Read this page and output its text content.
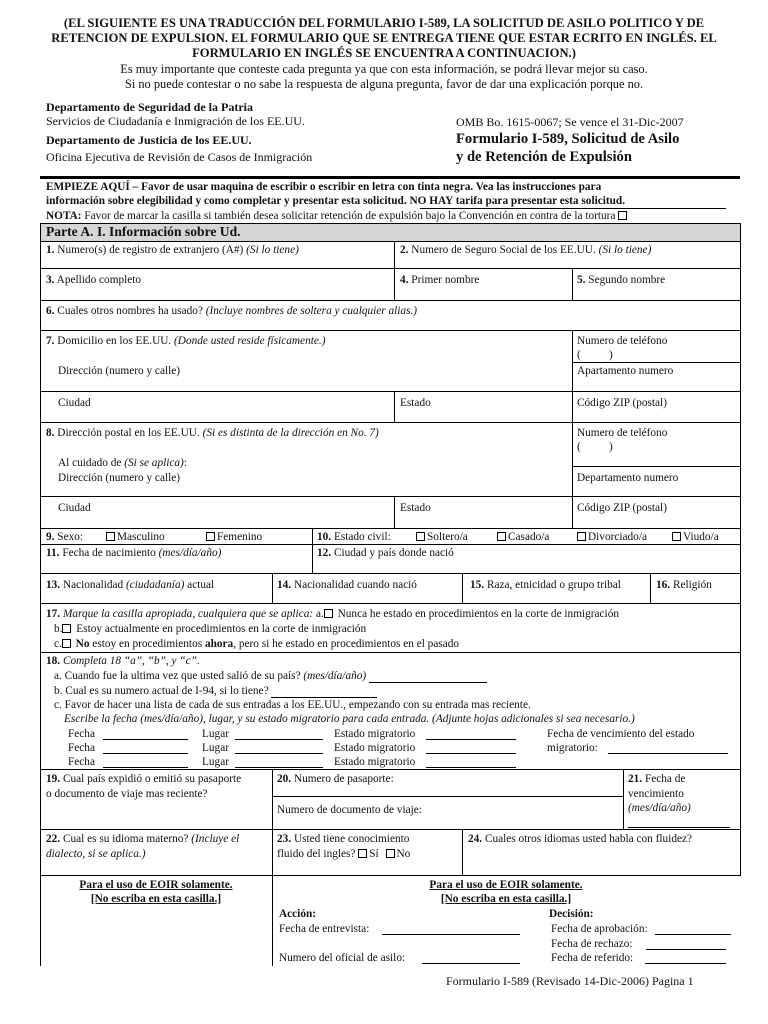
(EL SIGUIENTE ES UNA TRADUCCIÓN DEL FORMULARIO I-589, LA SOLICITUD DE ASILO POLITICO Y DE
RETENCION DE EXPULSION. EL FORMULARIO QUE SE ENTREGA TIENE QUE ESTAR ECRITO EN INGLÉS. EL
FORMULARIO EN INGLÉS SE ENCUENTRA A CONTINUACION.)
Es muy importante que conteste cada pregunta ya que con esta información, se podrá llevar mejor su caso.
Si no puede contestar o no sabe la respuesta de alguna pregunta, favor de dar una explicación porque no.
Departamento de Seguridad de la Patria
Servicios de Ciudadanía e Inmigración de los EE.UU.
Departamento de Justicia de los EE.UU.
Oficina Ejecutiva de Revisión de Casos de Inmigración
OMB Bo. 1615-0067; Se vence el 31-Dic-2007
Formulario I-589, Solicitud de Asilo
y de Retención de Expulsión
EMPIEZE AQUÍ – Favor de usar maquina de escribir o escribir en letra con tinta negra. Vea las instrucciones para
información sobre elegibilidad y como completar y presentar esta solicitud. NO HAY tarifa para presentar esta solicitud.
NOTA: Favor de marcar la casilla si también desea solicitar retención de expulsión bajo la Convención en contra de la tortura
Parte A. I. Información sobre Ud.
1. Numero(s) de registro de extranjero (A#) (Si lo tiene)	2. Numero de Seguro Social de los EE.UU. (Si lo tiene)
3. Apellido completo	4. Primer nombre	5. Segundo nombre
6. Cuales otros nombres ha usado? (Incluye nombres de soltera y cualquier alias.)
7. Domicilio en los EE.UU. (Donde usted reside físicamente.)	Numero de teléfono
(          )
Dirección (numero y calle)	Apartamento numero
Ciudad	Estado	Código ZIP (postal)
8. Dirección postal en los EE.UU. (Si es distinta de la dirección en No. 7)	Numero de teléfono
(          )
Al cuidado de (Si se aplica):
Dirección (numero y calle)	Departamento numero
Ciudad	Estado	Código ZIP (postal)
9. Sexo:	Masculino	Femenino	10. Estado civil:	Soltero/a	Casado/a	Divorciado/a	Viudo/a
11. Fecha de nacimiento (mes/día/año)	12. Ciudad y país donde nació
13. Nacionalidad (ciudadanía) actual	14. Nacionalidad cuando nació	15. Raza, etnicidad o grupo tribal	16. Religión
17. Marque la casilla apropiada, cualquiera que se aplica: a. Nunca he estado en procedimientos en la corte de inmigración
b. Estoy actualmente en procedimientos en la corte de inmigración
c. No estoy en procedimientos ahora, pero si he estado en procedimientos en el pasado
18. Completa 18 “a”, “b”, y “c”.
a. Cuando fue la ultima vez que usted salió de su país? (mes/día/año)
b. Cual es su numero actual de I-94, si lo tiene?
c. Favor de hacer una lista de cada de sus entradas a los EE.UU., empezando con su entrada mas reciente.
Escribe la fecha (mes/día/año), lugar, y su estado migratorio para cada entrada. (Adjunte hojas adicionales si sea necesario.)
Fecha	Lugar	Estado migratorio
Fecha	Lugar	Estado migratorio
Fecha	Lugar	Estado migratorio
Fecha de vencimiento del estado
migratorio:
19. Cual país expidió o emitió su pasaporte
o documento de viaje mas reciente?
20. Numero de pasaporte:
Numero de documento de viaje:
21. Fecha de
vencimiento
(mes/día/año)
22. Cual es su idioma materno? (Incluye el
dialecto, si se aplica.)
23. Usted tiene conocimiento
fluido del ingles? Sí No
24. Cuales otros idiomas usted habla con fluidez?
Para el uso de EOIR solamente.
[No escriba en esta casilla.]
Para el uso de EOIR solamente.
[No escriba en esta casilla.]
Acción:
Fecha de entrevista:
Numero del oficial de asilo:
Decisión:
Fecha de aprobación:
Fecha de rechazo:
Fecha de referido:
Formulario I-589 (Revisado 14-Dic-2006) Pagina 1
